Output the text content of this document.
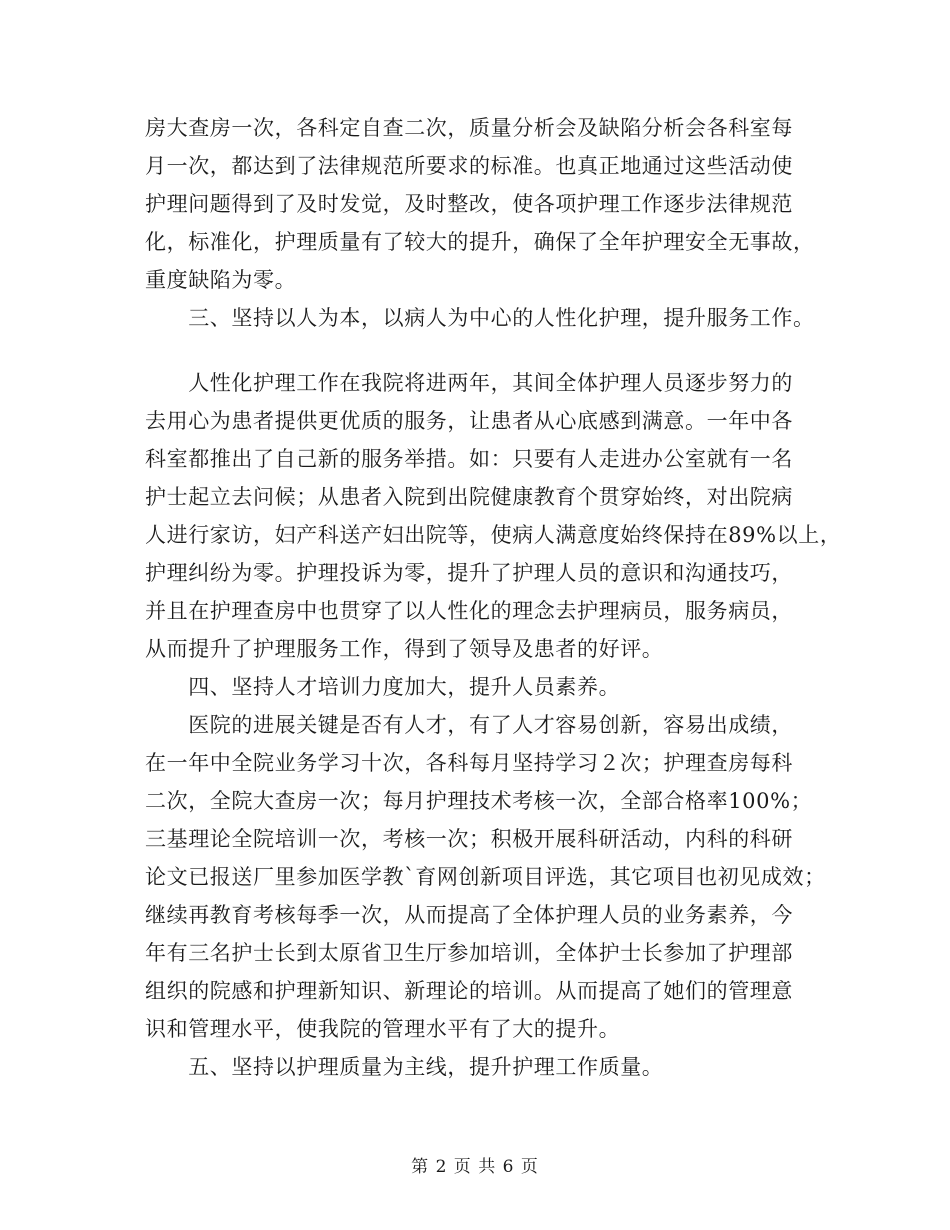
房大查房一次，各科定自查二次，质量分析会及缺陷分析会各科室每
月一次，都达到了法律规范所要求的标准。也真正地通过这些活动使
护理问题得到了及时发觉，及时整改，使各项护理工作逐步法律规范
化，标准化，护理质量有了较大的提升，确保了全年护理安全无事故，
重度缺陷为零。
　　三、坚持以人为本，以病人为中心的人性化护理，提升服务工作。
　　人性化护理工作在我院将进两年，其间全体护理人员逐步努力的
去用心为患者提供更优质的服务，让患者从心底感到满意。一年中各
科室都推出了自己新的服务举措。如：只要有人走进办公室就有一名
护士起立去问候；从患者入院到出院健康教育个贯穿始终，对出院病
人进行家访，妇产科送产妇出院等，使病人满意度始终保持在89%以上，
护理纠纷为零。护理投诉为零，提升了护理人员的意识和沟通技巧，
并且在护理查房中也贯穿了以人性化的理念去护理病员，服务病员，
从而提升了护理服务工作，得到了领导及患者的好评。
　　四、坚持人才培训力度加大，提升人员素养。
　　医院的进展关键是否有人才，有了人才容易创新，容易出成绩，
在一年中全院业务学习十次，各科每月坚持学习２次；护理查房每科
二次，全院大查房一次；每月护理技术考核一次，全部合格率100%；
三基理论全院培训一次，考核一次；积极开展科研活动，内科的科研
论文已报送厂里参加医学教`育网创新项目评选，其它项目也初见成效；
继续再教育考核每季一次，从而提高了全体护理人员的业务素养，今
年有三名护士长到太原省卫生厅参加培训，全体护士长参加了护理部
组织的院感和护理新知识、新理论的培训。从而提高了她们的管理意
识和管理水平，使我院的管理水平有了大的提升。
　　五、坚持以护理质量为主线，提升护理工作质量。
第 2 页 共 6 页
